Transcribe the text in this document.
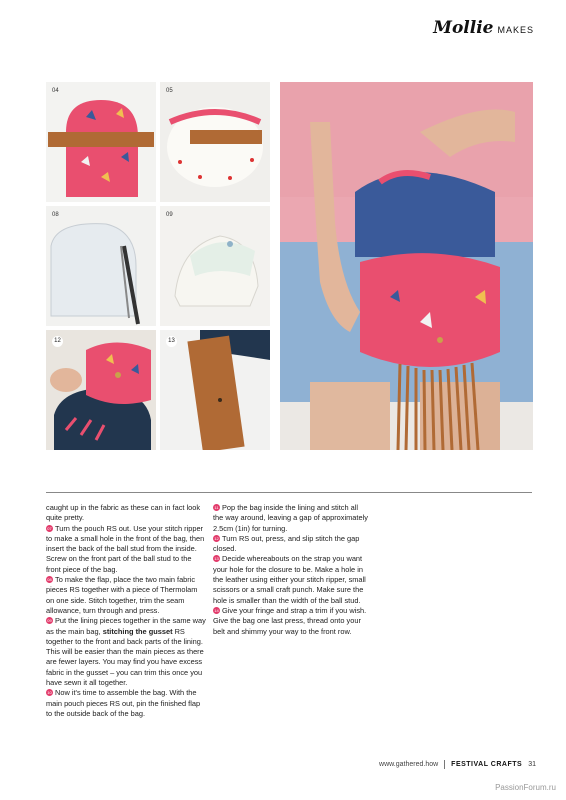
Mollie MAKES
04	05
08	09
12	13

caught up in the fabric as these can in fact look quite pretty.

07 Turn the pouch RS out. Use your stitch ripper to make a small hole in the front of the bag, then insert the back of the ball stud from the inside. Screw on the front part of the ball stud to the front piece of the bag.

08 To make the flap, place the two main fabric pieces RS together with a piece of Thermolam on one side. Stitch together, trim the seam allowance, turn through and press.

09 Put the lining pieces together in the same way as the main bag, stitching the gusset RS together to the front and back parts of the lining. This will be easier than the main pieces as there are fewer layers. You may find you have excess fabric in the gusset – you can trim this once you have sewn it all together.

10 Now it's time to assemble the bag. With the main pouch pieces RS out, pin the finished flap to the outside back of the bag.

11 Pop the bag inside the lining and stitch all the way around, leaving a gap of approximately 2.5cm (1in) for turning.

12 Turn RS out, press, and slip stitch the gap closed.

13 Decide whereabouts on the strap you want your hole for the closure to be. Make a hole in the leather using either your stitch ripper, small scissors or a small craft punch. Make sure the hole is smaller than the width of the ball stud.

14 Give your fringe and strap a trim if you wish. Give the bag one last press, thread onto your belt and shimmy your way to the front row.

www.gathered.how FESTIVAL CRAFTS 31
PassionForum.ru
